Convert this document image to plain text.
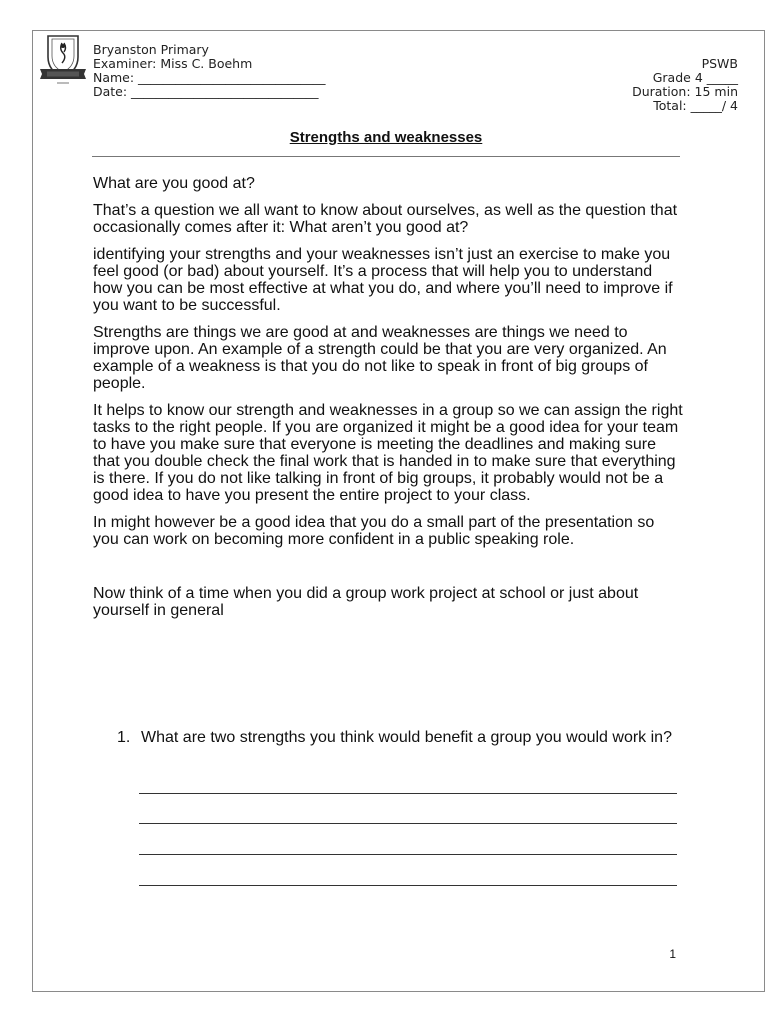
Bryanston Primary
Examiner: Miss C. Boehm
Name: ______________________________
Date: ______________________________
PSWB
Grade 4 _____
Duration: 15 min
Total: _____/ 4
Strengths and weaknesses

What are you good at?

That’s a question we all want to know about ourselves, as well as the question that occasionally comes after it: What aren’t you good at?

identifying your strengths and your weaknesses isn’t just an exercise to make you feel good (or bad) about yourself. It’s a process that will help you to understand how you can be most effective at what you do, and where you’ll need to improve if you want to be successful.

Strengths are things we are good at and weaknesses are things we need to improve upon. An example of a strength could be that you are very organized. An example of a weakness is that you do not like to speak in front of big groups of people.

It helps to know our strength and weaknesses in a group so we can assign the right tasks to the right people. If you are organized it might be a good idea for your team to have you make sure that everyone is meeting the deadlines and making sure that you double check the final work that is handed in to make sure that everything is there. If you do not like talking in front of big groups, it probably would not be a good idea to have you present the entire project to your class.

In might however be a good idea that you do a small part of the presentation so you can work on becoming more confident in a public speaking role.

Now think of a time when you did a group work project at school or just about yourself in general

1. What are two strengths you think would benefit a group you would work in?
1
